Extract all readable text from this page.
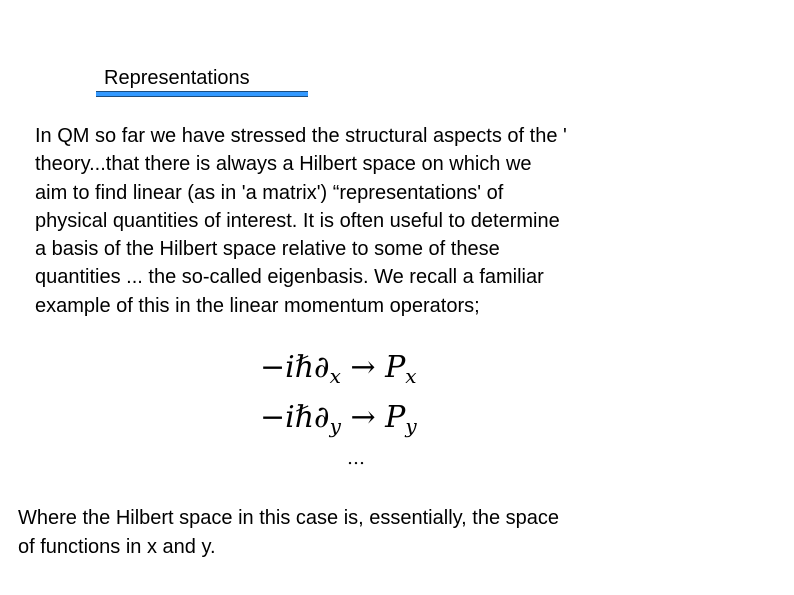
Representations
In QM so far we have stressed the structural aspects of the '
theory...that there is always a Hilbert space on which we
aim to find linear (as in 'a matrix') “representations' of
physical quantities of interest. It is often useful to determine
a basis of the Hilbert space relative to some of these
quantities ... the so-called eigenbasis. We recall a familiar
example of this in the linear momentum operators;
$-i\hbar\partial_x \to P_x$
$-i\hbar\partial_y \to P_y$
…
Where the Hilbert space in this case is, essentially, the space
of functions in x and y.
